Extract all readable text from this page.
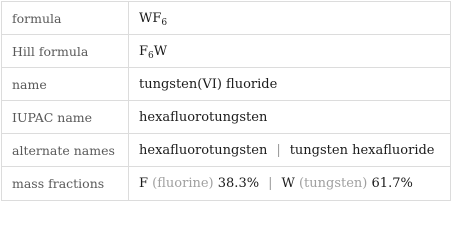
formula	$WF_6$
Hill formula	$F_6W$
name	tungsten(VI) fluoride
IUPAC name	hexafluorotungsten
alternate names	hexafluorotungsten | tungsten hexafluoride
mass fractions	F (fluorine) 38.3% | W (tungsten) 61.7%
